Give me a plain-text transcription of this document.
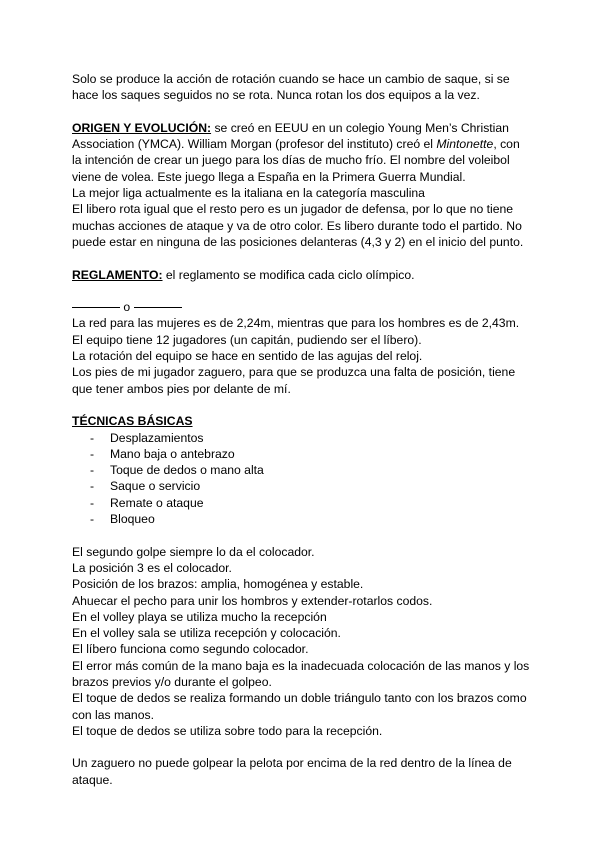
Solo se produce la acción de rotación cuando se hace un cambio de saque, si se hace los saques seguidos no se rota. Nunca rotan los dos equipos a la vez.

ORIGEN Y EVOLUCIÓN: se creó en EEUU en un colegio Young Men’s Christian Association (YMCA). William Morgan (profesor del instituto) creó el Mintonette, con la intención de crear un juego para los días de mucho frío. El nombre del voleibol viene de volea. Este juego llega a España en la Primera Guerra Mundial.

La mejor liga actualmente es la italiana en la categoría masculina

El libero rota igual que el resto pero es un jugador de defensa, por lo que no tiene muchas acciones de ataque y va de otro color. Es libero durante todo el partido. No puede estar en ninguna de las posiciones delanteras (4,3 y 2) en el inicio del punto.

REGLAMENTO: el reglamento se modifica cada ciclo olímpico.

o

La red para las mujeres es de 2,24m, mientras que para los hombres es de 2,43m.

El equipo tiene 12 jugadores (un capitán, pudiendo ser el líbero).

La rotación del equipo se hace en sentido de las agujas del reloj.

Los pies de mi jugador zaguero, para que se produzca una falta de posición, tiene que tener ambos pies por delante de mí.

TÉCNICAS BÁSICAS

- Desplazamientos
- Mano baja o antebrazo
- Toque de dedos o mano alta
- Saque o servicio
- Remate o ataque
- Bloqueo

El segundo golpe siempre lo da el colocador.

La posición 3 es el colocador.

Posición de los brazos: amplia, homogénea y estable.

Ahuecar el pecho para unir los hombros y extender-rotarlos codos.

En el volley playa se utiliza mucho la recepción

En el volley sala se utiliza recepción y colocación.

El líbero funciona como segundo colocador.

El error más común de la mano baja es la inadecuada colocación de las manos y los brazos previos y/o durante el golpeo.

El toque de dedos se realiza formando un doble triángulo tanto con los brazos como con las manos.

El toque de dedos se utiliza sobre todo para la recepción.

Un zaguero no puede golpear la pelota por encima de la red dentro de la línea de ataque.
